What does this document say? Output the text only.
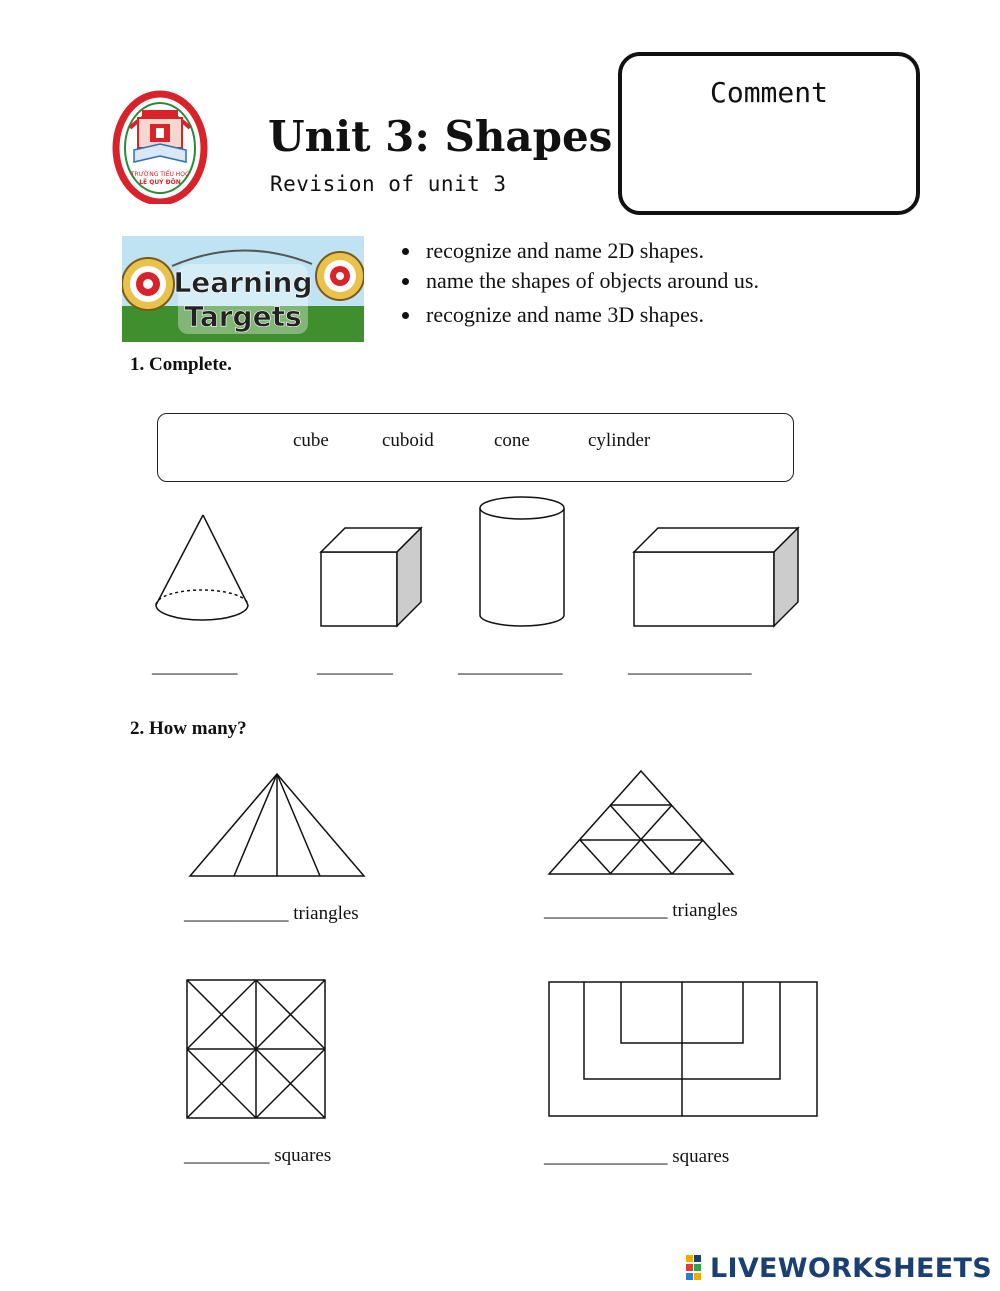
TRƯỜNG TIỂU HỌC
LÊ QUÝ ĐÔN
Unit 3: Shapes
Revision of unit 3
Comment
Learning
Targets
recognize and name 2D shapes.
name the shapes of objects around us.
recognize and name 3D shapes.
1. Complete.
cube	cuboid	cone	cylinder
_________	________	___________	_____________
2. How many?
___________ triangles	_____________ triangles
_________ squares	_____________ squares
LIVEWORKSHEETS
